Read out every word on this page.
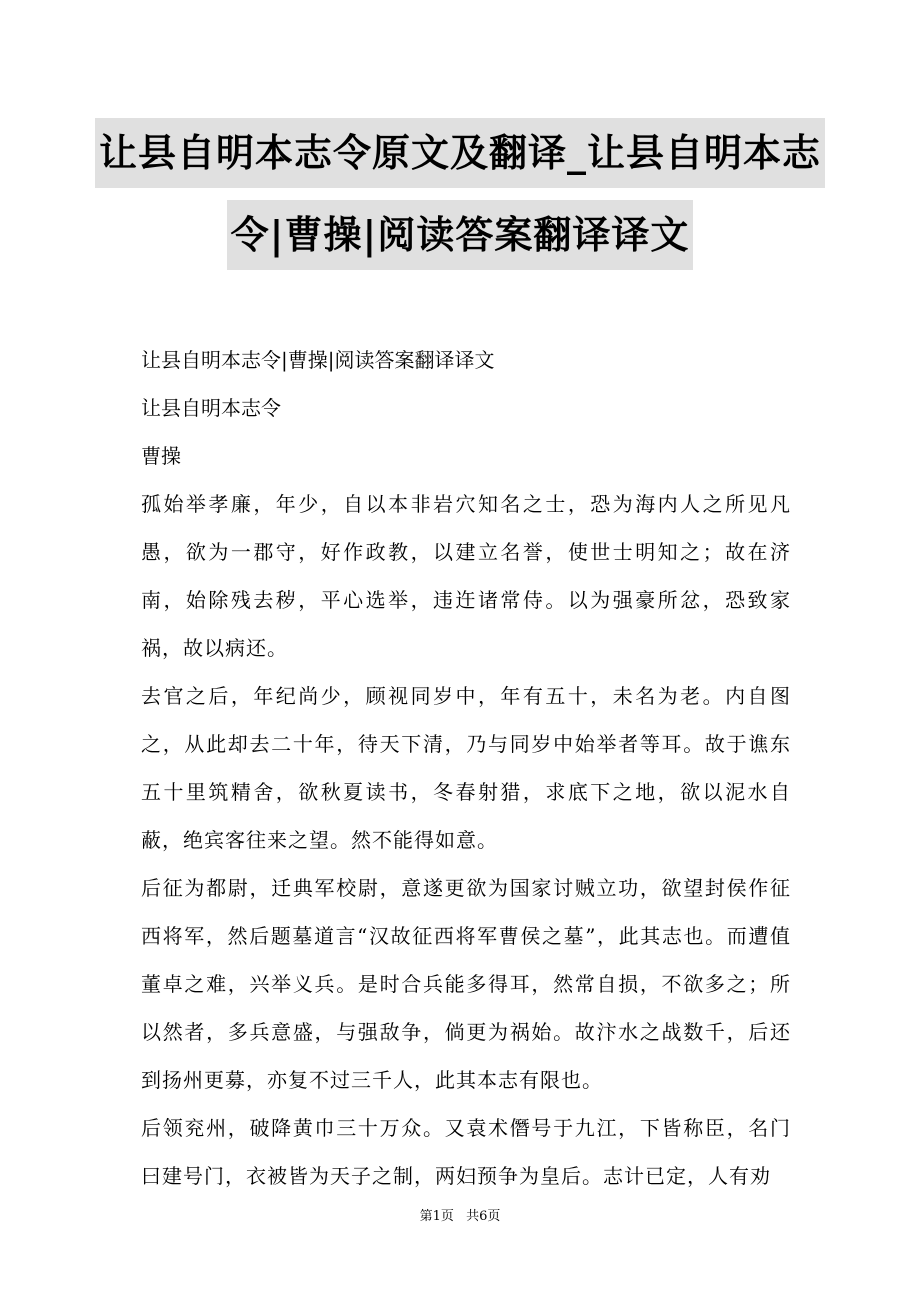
让县自明本志令原文及翻译_让县自明本志
令|曹操|阅读答案翻译译文

让县自明本志令|曹操|阅读答案翻译译文

让县自明本志令

曹操

孤始举孝廉，年少，自以本非岩穴知名之士，恐为海内人之所见凡愚，欲为一郡守，好作政教，以建立名誉，使世士明知之；故在济南，始除残去秽，平心选举，违迕诸常侍。以为强豪所忿，恐致家祸，故以病还。

去官之后，年纪尚少，顾视同岁中，年有五十，未名为老。内自图之，从此却去二十年，待天下清，乃与同岁中始举者等耳。故于谯东五十里筑精舍，欲秋夏读书，冬春射猎，求底下之地，欲以泥水自蔽，绝宾客往来之望。然不能得如意。

后征为都尉，迁典军校尉，意遂更欲为国家讨贼立功，欲望封侯作征西将军，然后题墓道言“汉故征西将军曹侯之墓”，此其志也。而遭值董卓之难，兴举义兵。是时合兵能多得耳，然常自损，不欲多之；所以然者，多兵意盛，与强敌争，倘更为祸始。故汴水之战数千，后还到扬州更募，亦复不过三千人，此其本志有限也。

后领兖州，破降黄巾三十万众。又袁术僭号于九江，下皆称臣，名门曰建号门，衣被皆为天子之制，两妇预争为皇后。志计已定，人有劝

第1页 共6页
